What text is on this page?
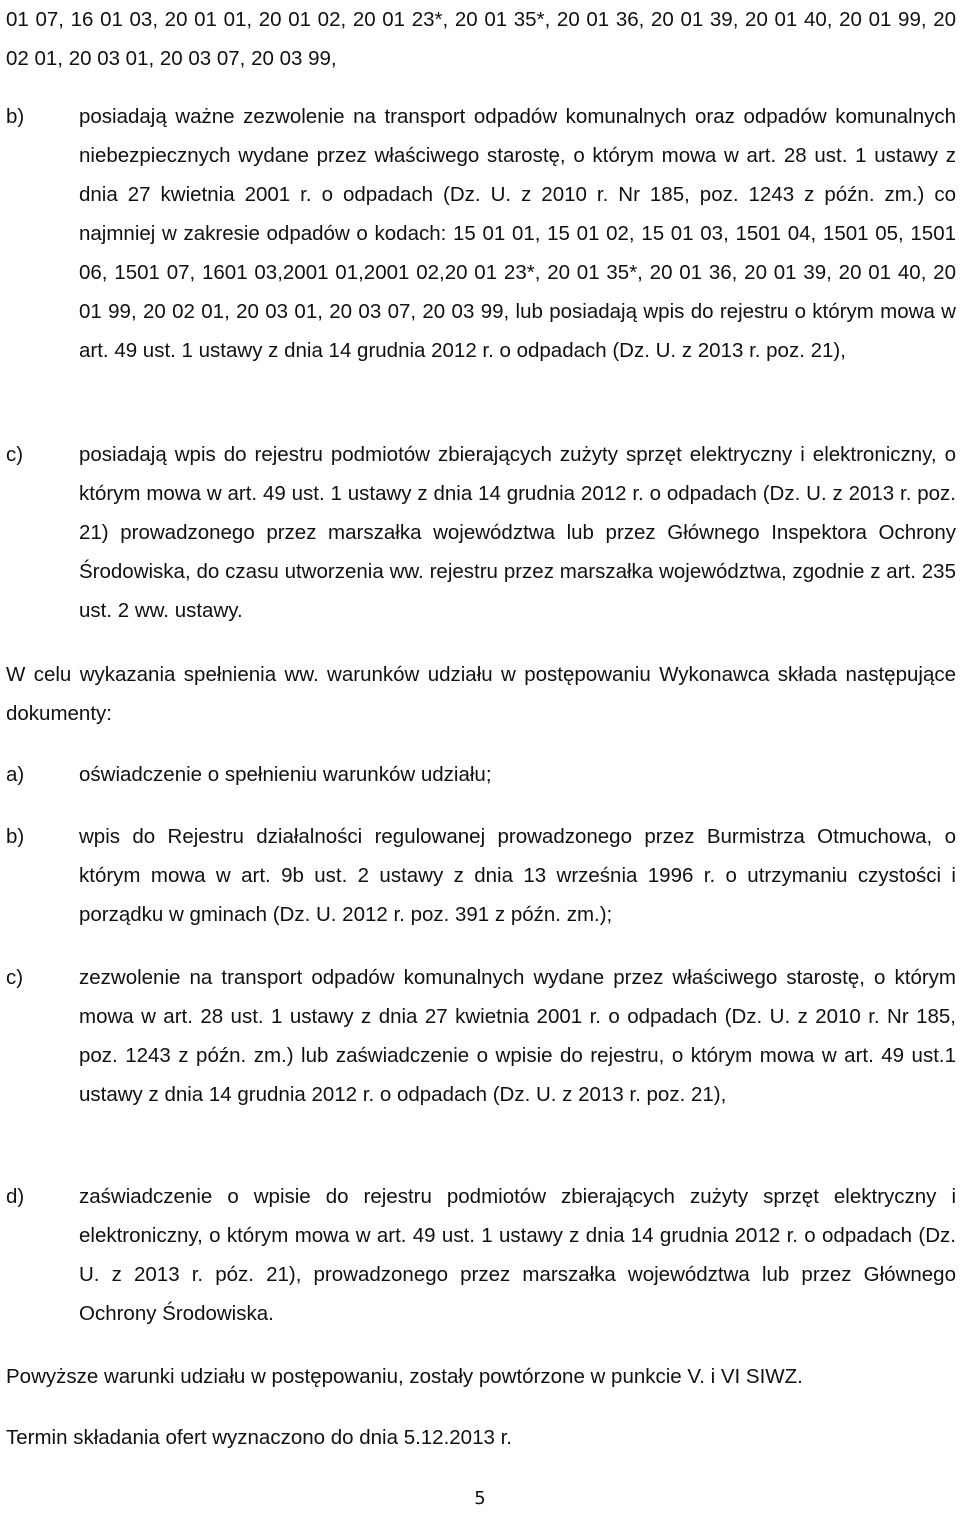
01 07, 16 01 03, 20 01 01, 20 01 02, 20 01 23*, 20 01 35*, 20 01 36, 20 01 39, 20 01 40, 20 01 99, 20 02 01, 20 03 01, 20 03 07, 20 03 99,

b)	posiadają ważne zezwolenie na transport odpadów komunalnych oraz odpadów komunalnych niebezpiecznych wydane przez właściwego starostę, o którym mowa w art. 28 ust. 1 ustawy z dnia 27 kwietnia 2001 r. o odpadach (Dz. U. z 2010 r. Nr 185, poz. 1243 z późn. zm.) co najmniej w zakresie odpadów o kodach: 15 01 01, 15 01 02, 15 01 03, 1501 04, 1501 05, 1501 06, 1501 07, 1601 03,2001 01,2001 02,20 01 23*, 20 01 35*, 20 01 36, 20 01 39, 20 01 40, 20 01 99, 20 02 01, 20 03 01, 20 03 07, 20 03 99, lub posiadają wpis do rejestru o którym mowa w art. 49 ust. 1 ustawy z dnia 14 grudnia 2012 r. o odpadach (Dz. U. z 2013 r. poz. 21),
c)	posiadają wpis do rejestru podmiotów zbierających zużyty sprzęt elektryczny i elektroniczny, o którym mowa w art. 49 ust. 1 ustawy z dnia 14 grudnia 2012 r. o odpadach (Dz. U. z 2013 r. poz. 21) prowadzonego przez marszałka województwa lub przez Głównego Inspektora Ochrony Środowiska, do czasu utworzenia ww. rejestru przez marszałka województwa, zgodnie z art. 235 ust. 2 ww. ustawy.

W celu wykazania spełnienia ww. warunków udziału w postępowaniu Wykonawca składa następujące dokumenty:

a)	oświadczenie o spełnieniu warunków udziału;
b)	wpis do Rejestru działalności regulowanej prowadzonego przez Burmistrza Otmuchowa, o którym mowa w art. 9b ust. 2 ustawy z dnia 13 września 1996 r. o utrzymaniu czystości i porządku w gminach (Dz. U. 2012 r. poz. 391 z późn. zm.);
c)	zezwolenie na transport odpadów komunalnych wydane przez właściwego starostę, o którym mowa w art. 28 ust. 1 ustawy z dnia 27 kwietnia 2001 r. o odpadach (Dz. U. z 2010 r. Nr 185, poz. 1243 z późn. zm.) lub zaświadczenie o wpisie do rejestru, o którym mowa w art. 49 ust.1 ustawy z dnia 14 grudnia 2012 r. o odpadach (Dz. U. z 2013 r. poz. 21),
d)	zaświadczenie o wpisie do rejestru podmiotów zbierających zużyty sprzęt elektryczny i elektroniczny, o którym mowa w art. 49 ust. 1 ustawy z dnia 14 grudnia 2012 r. o odpadach (Dz. U. z 2013 r. póz. 21), prowadzonego przez marszałka województwa lub przez Głównego Ochrony Środowiska.

Powyższe warunki udziału w postępowaniu, zostały powtórzone w punkcie V. i VI SIWZ.

Termin składania ofert wyznaczono do dnia 5.12.2013 r.

5
